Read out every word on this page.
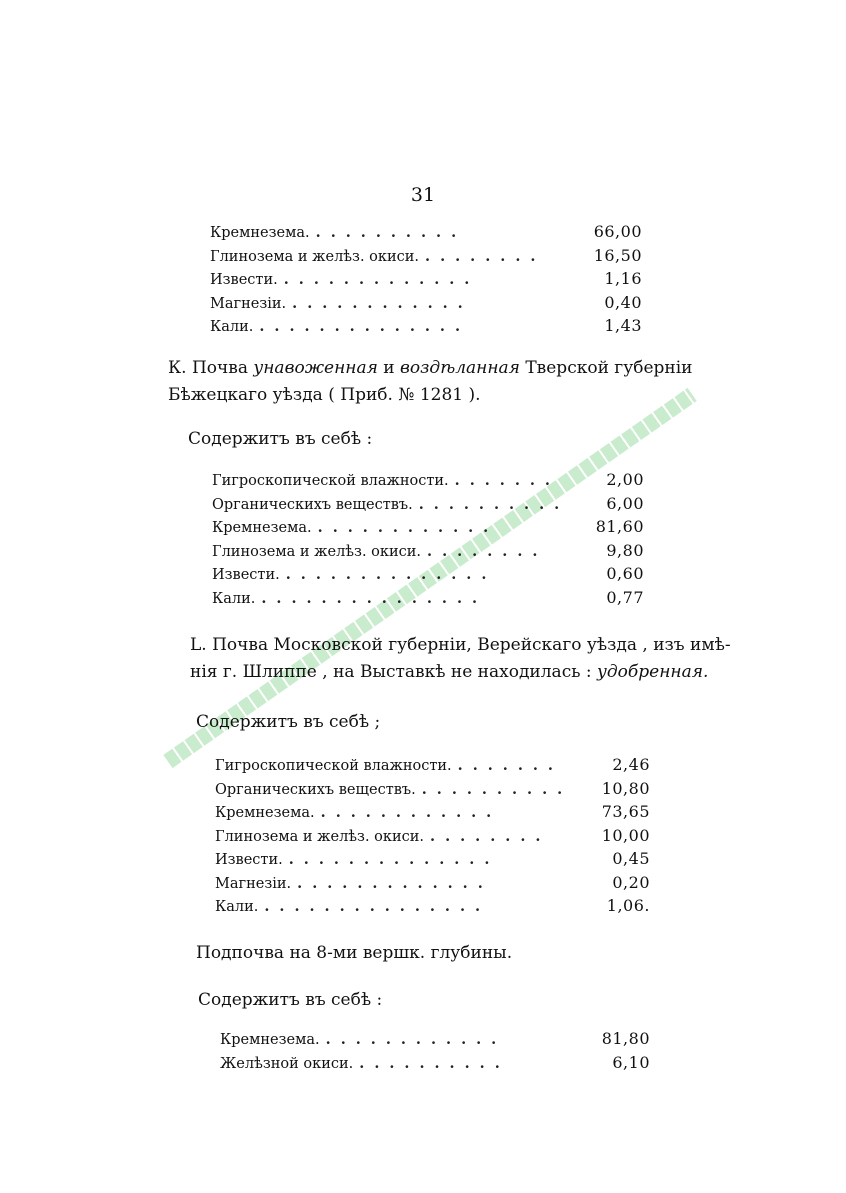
31
Кремнезема. ..........	66,00
Глинозема и желѣз. окиси. ........	16,50
Извести. .............	1,16
Магнезіи. ............	0,40
Кали. ..............	1,43
К. Почва унавоженная и воздѣланная Тверской губерніи
Бѣжецкаго уѣзда ( Приб. № 1281 ).
Содержитъ въ себѣ :
Гигроскопической влажности. .......	2,00
Органическихъ веществъ. ..........	6,00
Кремнезема. ............	81,60
Глинозема и желѣз. окиси. ........	9,80
Извести. ..............	0,60
Кали. ...............	0,77
L. Почва Московской губерніи, Верейскаго уѣзда , изъ имѣ-
нія г. Шлиппе , на Выставкѣ не находилась : удобренная.
Содержитъ въ себѣ ;
Гигроскопической влажности. .......	2,46
Органическихъ веществъ. ..........	10,80
Кремнезема. ............	73,65
Глинозема и желѣз. окиси. ........	10,00
Извести. ..............	0,45
Магнезіи. .............	0,20
Кали. ...............	1,06.
Подпочва на 8-ми вершк. глубины.
Содержитъ въ себѣ :
Кремнезема. ............	81,80
Желѣзной окиси. ..........	6,10
